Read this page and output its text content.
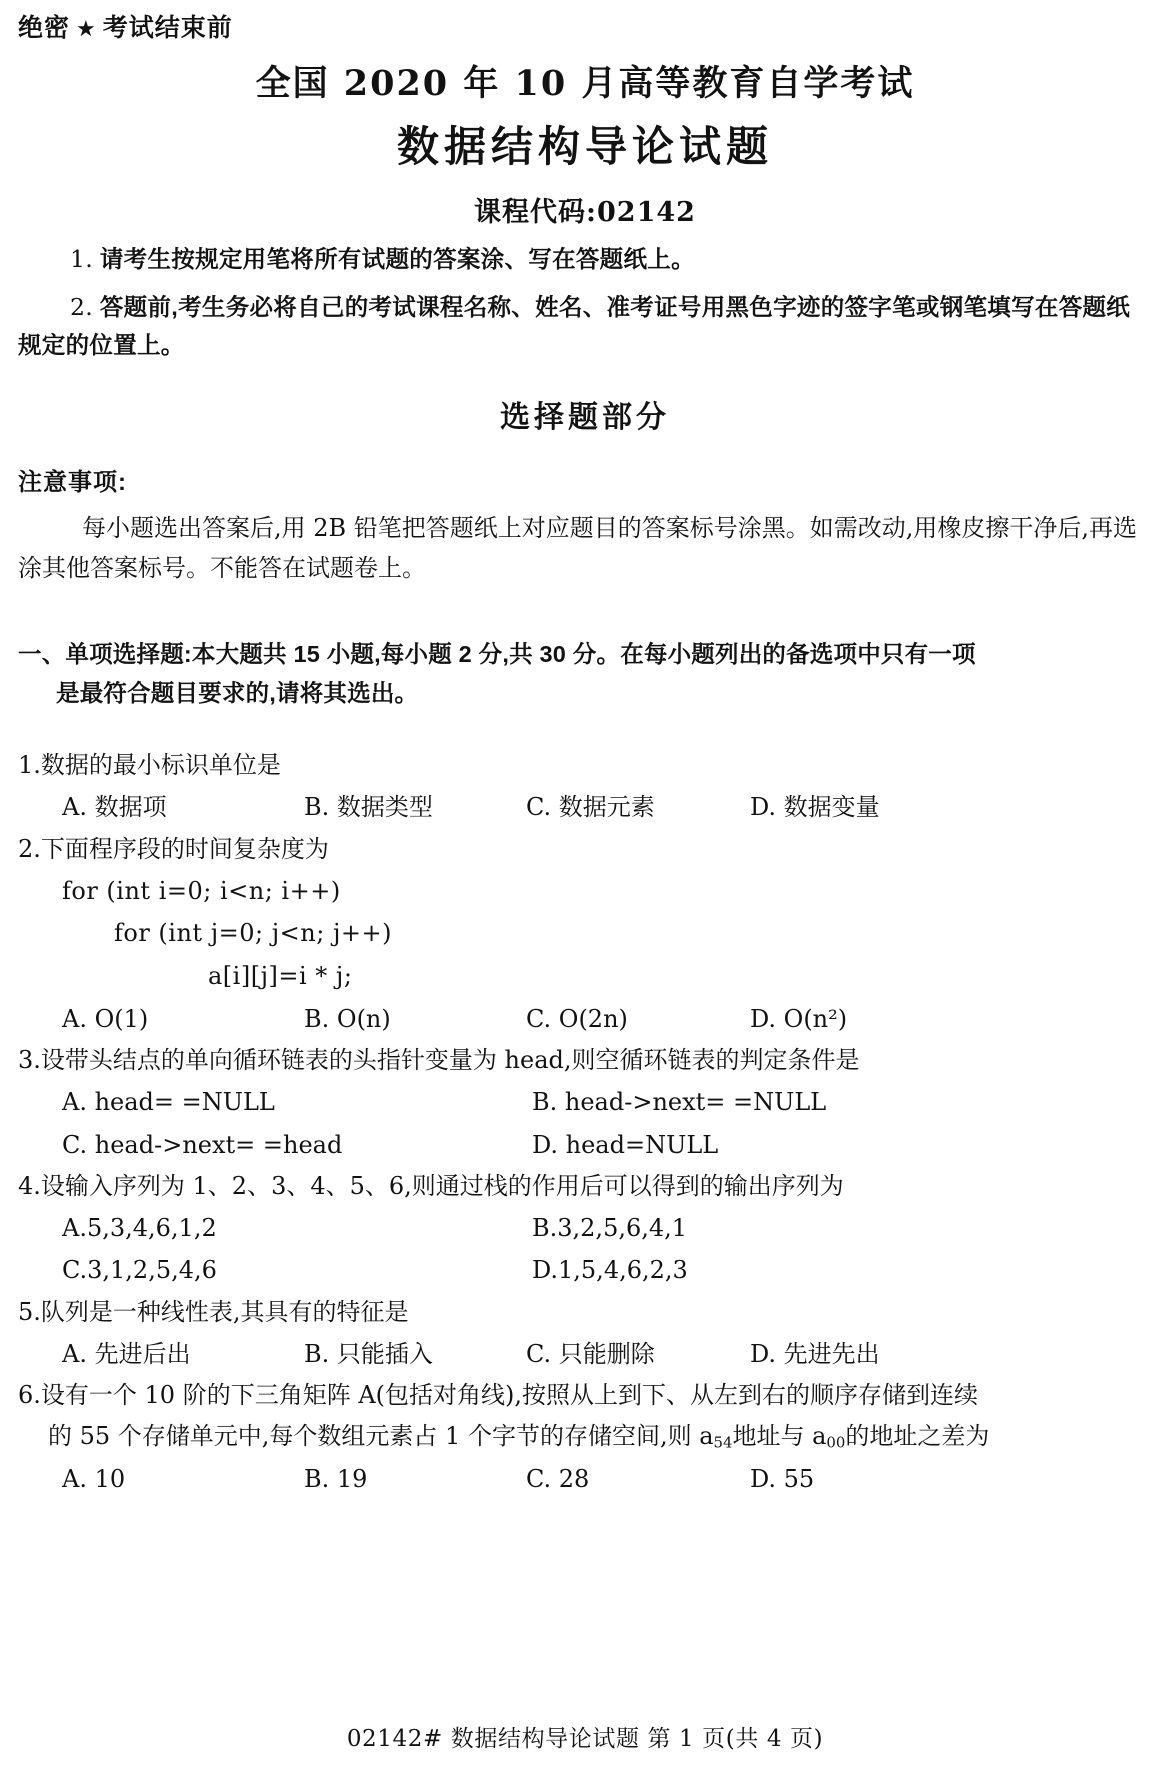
绝密 ★ 考试结束前
全国 2020 年 10 月高等教育自学考试
数据结构导论试题
课程代码:02142

1. 请考生按规定用笔将所有试题的答案涂、写在答题纸上。

2. 答题前,考生务必将自己的考试课程名称、姓名、准考证号用黑色字迹的签字笔或钢笔填写在答题纸规定的位置上。

选择题部分
注意事项:
每小题选出答案后,用 2B 铅笔把答题纸上对应题目的答案标号涂黑。如需改动,用橡皮擦干净后,再选涂其他答案标号。不能答在试题卷上。
一、单项选择题:本大题共 15 小题,每小题 2 分,共 30 分。在每小题列出的备选项中只有一项
是最符合题目要求的,请将其选出。

1.数据的最小标识单位是

A. 数据项	B. 数据类型	C. 数据元素	D. 数据变量

2.下面程序段的时间复杂度为

for (int i=0; i<n; i++)

for (int j=0; j<n; j++)

a[i][j]=i * j;

A. O(1)	B. O(n)	C. O(2n)	D. O(n²)

3.设带头结点的单向循环链表的头指针变量为 head,则空循环链表的判定条件是

A. head= =NULL	B. head->next= =NULL
C. head->next= =head	D. head=NULL

4.设输入序列为 1、2、3、4、5、6,则通过栈的作用后可以得到的输出序列为

A.5,3,4,6,1,2	B.3,2,5,6,4,1
C.3,1,2,5,4,6	D.1,5,4,6,2,3

5.队列是一种线性表,其具有的特征是

A. 先进后出	B. 只能插入	C. 只能删除	D. 先进先出

6.设有一个 10 阶的下三角矩阵 A(包括对角线),按照从上到下、从左到右的顺序存储到连续
的 55 个存储单元中,每个数组元素占 1 个字节的存储空间,则 $a_{54}$地址与 $a_{00}$的地址之差为

A. 10	B. 19	C. 28	D. 55
02142# 数据结构导论试题 第 1 页(共 4 页)
